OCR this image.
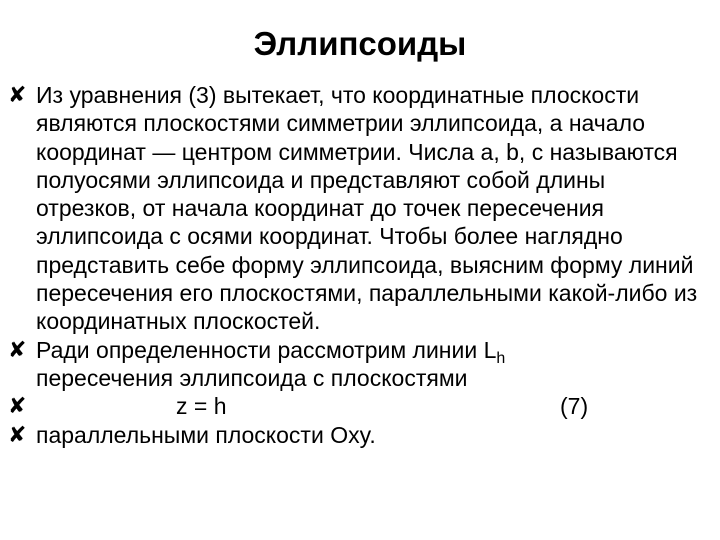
Эллипсоиды
✘ Из уравнения (3) вытекает, что координатные плоскости являются плоскостями симметрии эллипсоида, а начало координат — центром симметрии. Числа a, b, c называются полуосями эллипсоида и представляют собой длины отрезков, от начала координат до точек пересечения эллипсоида с осями координат. Чтобы более наглядно представить себе форму эллипсоида, выясним форму линий пересечения его плоскостями, параллельными какой-либо из координатных плоскостей.
✘ Ради определенности рассмотрим линии $L_h$
пересечения эллипсоида с плоскостями
✘	z = h	(7)
✘ параллельными плоскости Oxy.
